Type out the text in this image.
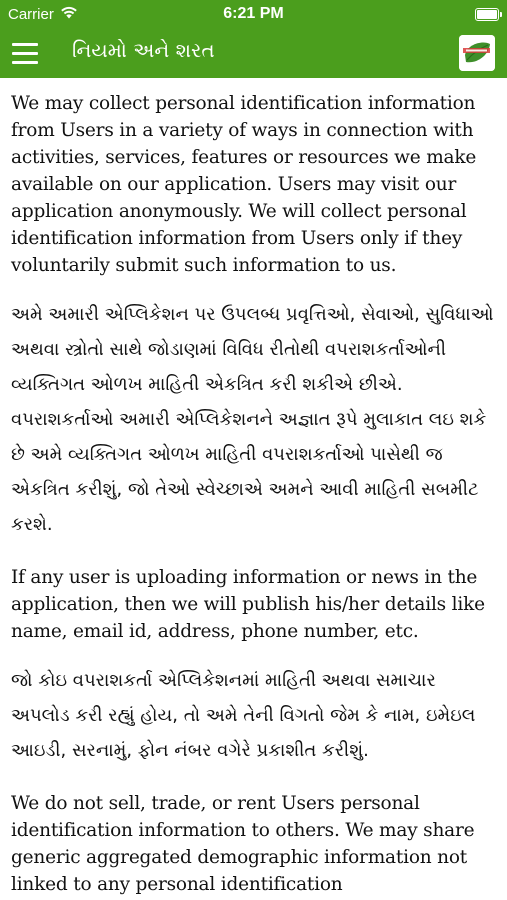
Carrier	6:21 PM
નિયમો અને શરત

We may collect personal identification information from Users in a variety of ways in connection with activities, services, features or resources we make available on our application. Users may visit our application anonymously. We will collect personal identification information from Users only if they voluntarily submit such information to us.

અમે અમારી એપ્લિકેશન પર ઉપલબ્ધ પ્રવૃત્તિઓ, સેવાઓ, સુવિધાઓ અથવા સ્ત્રોતો સાથે જોડાણમાં વિવિધ રીતોથી વપરાશકર્તાઓની વ્યક્તિગત ઓળખ માહિતી એકત્રિત કરી શકીએ છીએ. વપરાશકર્તાઓ અમારી એપ્લિકેશનને અજ્ઞાત રૂપે મુલાકાત લઇ શકે છે અમે વ્યક્તિગત ઓળખ માહિતી વપરાશકર્તાઓ પાસેથી જ એકત્રિત કરીશું, જો તેઓ સ્વેચ્છાએ અમને આવી માહિતી સબમીટ કરશે.

If any user is uploading information or news in the application, then we will publish his/her details like name, email id, address, phone number, etc.

જો કોઇ વપરાશકર્તા એપ્લિકેશનમાં માહિતી અથવા સમાચાર અપલોડ કરી રહ્યું હોય, તો અમે તેની વિગતો જેમ કે નામ, ઇમેઇલ આઇડી, સરનામું, ફોન નંબર વગેરે પ્રકાશીત કરીશું.

We do not sell, trade, or rent Users personal identification information to others. We may share generic aggregated demographic information not linked to any personal identification
